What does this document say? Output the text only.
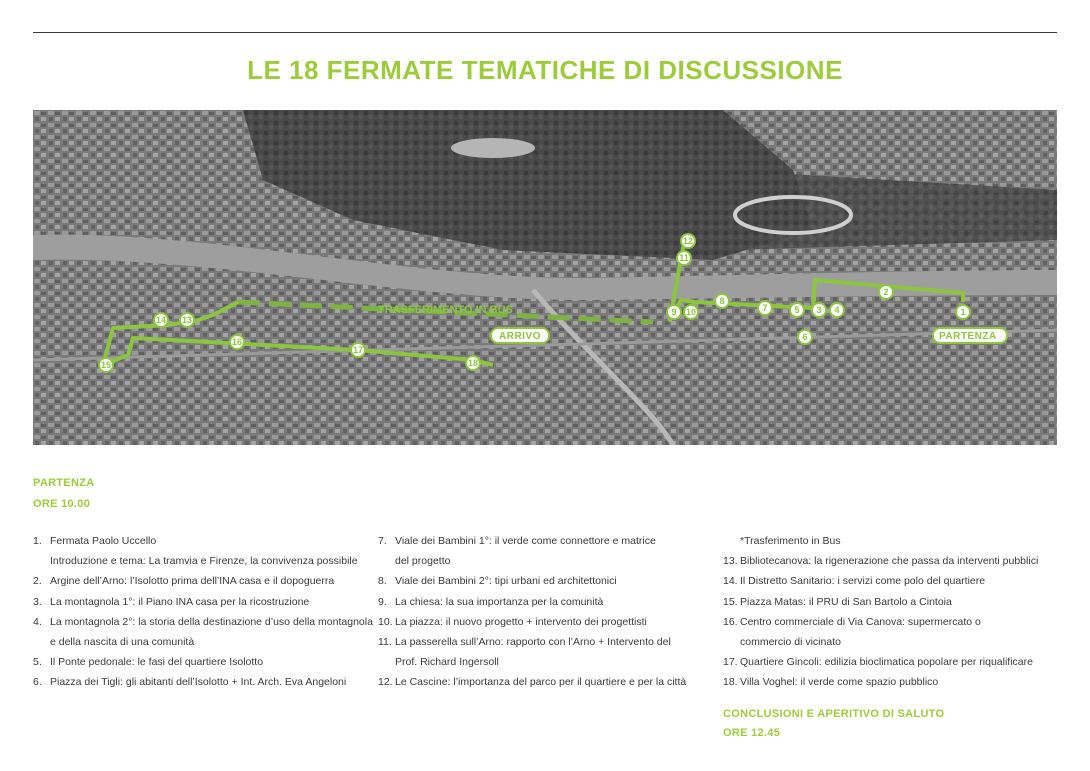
LE 18 FERMATE TEMATICHE DI DISCUSSIONE
TRASFERIMENTO IN BUS
ARRIVO	PARTENZA
1
2
3 4
5
6
7
8
9 10
11
12
13
14
15
16
17
18
PARTENZA
ORE 10.00
1. Fermata Paolo Uccello
Introduzione e tema: La tramvia e Firenze, la convivenza possibile
2. Argine dell’Arno: l’Isolotto prima dell’INA casa e il dopoguerra
3. La montagnola 1°: il Piano INA casa per la ricostruzione
4. La montagnola 2°: la storia della destinazione d’uso della montagnola
e della nascita di una comunità
5. Il Ponte pedonale: le fasi del quartiere Isolotto
6. Piazza dei Tigli: gli abitanti dell’Isolotto + Int. Arch. Eva Angeloni
7. Viale dei Bambini 1°: il verde come connettore e matrice
del progetto
8. Viale dei Bambini 2°: tipi urbani ed architettonici
9. La chiesa: la sua importanza per la comunità
10. La piazza: il nuovo progetto + intervento dei progettisti
11. La passerella sull’Arno: rapporto con l’Arno + Intervento del
Prof. Richard Ingersoll
12. Le Cascine: l’importanza del parco per il quartiere e per la città
*Trasferimento in Bus
13. Bibliotecanova: la rigenerazione che passa da interventi pubblici
14. Il Distretto Sanitario: i servizi come polo del quartiere
15. Piazza Matas: il PRU di San Bartolo a Cintoia
16. Centro commerciale di Via Canova: supermercato o
commercio di vicinato
17. Quartiere Gincoli: edilizia bioclimatica popolare per riqualificare
18. Villa Voghel: il verde come spazio pubblico
CONCLUSIONI E APERITIVO DI SALUTO
ORE 12.45
